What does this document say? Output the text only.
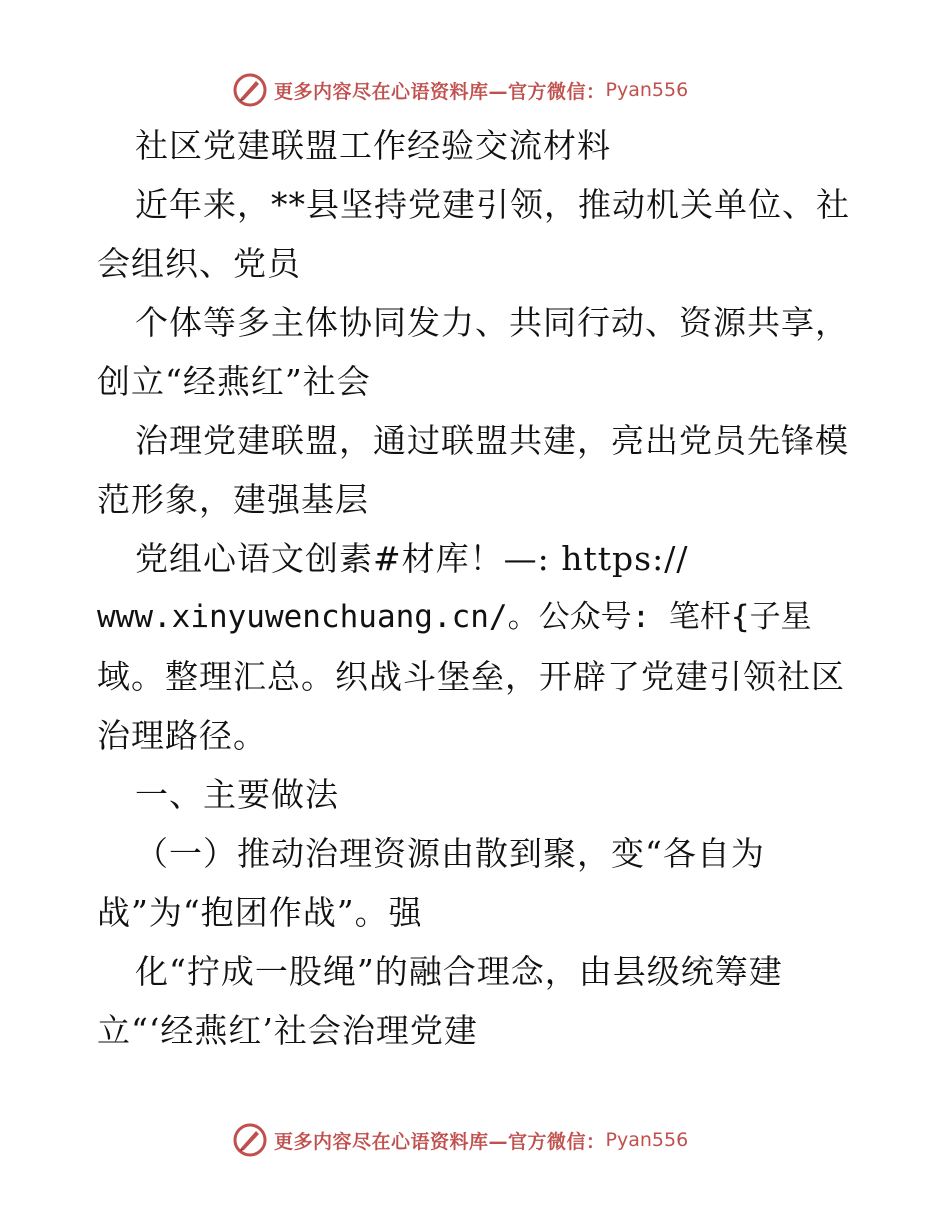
更多内容尽在心语资料库—官方微信： Pyan556
社区党建联盟工作经验交流材料
近年来，**县坚持党建引领，推动机关单位、社
会组织、党员
个体等多主体协同发力、共同行动、资源共享，
创立“经燕红”社会
治理党建联盟，通过联盟共建，亮出党员先锋模
范形象，建强基层
党组心语文创素#材库！—: https://
www.xinyuwenchuang.cn/。公众号: 笔杆{子星
域。整理汇总。织战斗堡垒，开辟了党建引领社区
治理路径。
一、主要做法
（一）推动治理资源由散到聚，变“各自为
战”为“抱团作战”。强
化“拧成一股绳”的融合理念，由县级统筹建
立“‘经燕红’社会治理党建
更多内容尽在心语资料库—官方微信： Pyan556
